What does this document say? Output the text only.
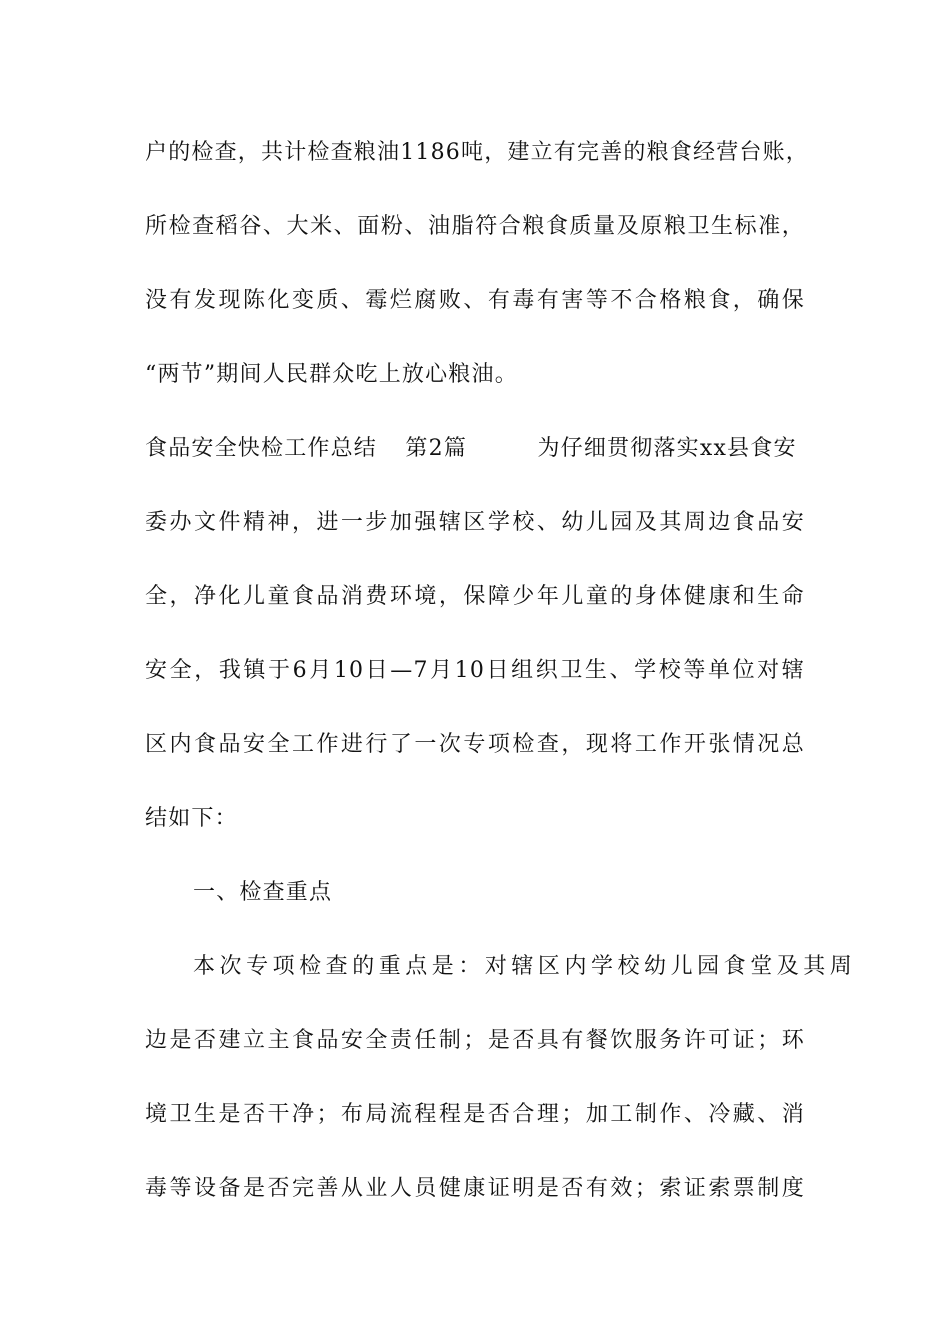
户的检查，共计检查粮油1186吨，建立有完善的粮食经营台账，
所检查稻谷、大米、面粉、油脂符合粮食质量及原粮卫生标准，
没有发现陈化变质、霉烂腐败、有毒有害等不合格粮食，确保
“两节”期间人民群众吃上放心粮油。
食品安全快检工作总结 第2篇	为仔细贯彻落实xx县食安
委办文件精神，进一步加强辖区学校、幼儿园及其周边食品安
全，净化儿童食品消费环境，保障少年儿童的身体健康和生命
安全，我镇于6月10日—7月10日组织卫生、学校等单位对辖
区内食品安全工作进行了一次专项检查，现将工作开张情况总
结如下：
一、检查重点
本次专项检查的重点是：对辖区内学校幼儿园食堂及其周
边是否建立主食品安全责任制；是否具有餐饮服务许可证；环
境卫生是否干净；布局流程程是否合理；加工制作、冷藏、消
毒等设备是否完善从业人员健康证明是否有效；索证索票制度
